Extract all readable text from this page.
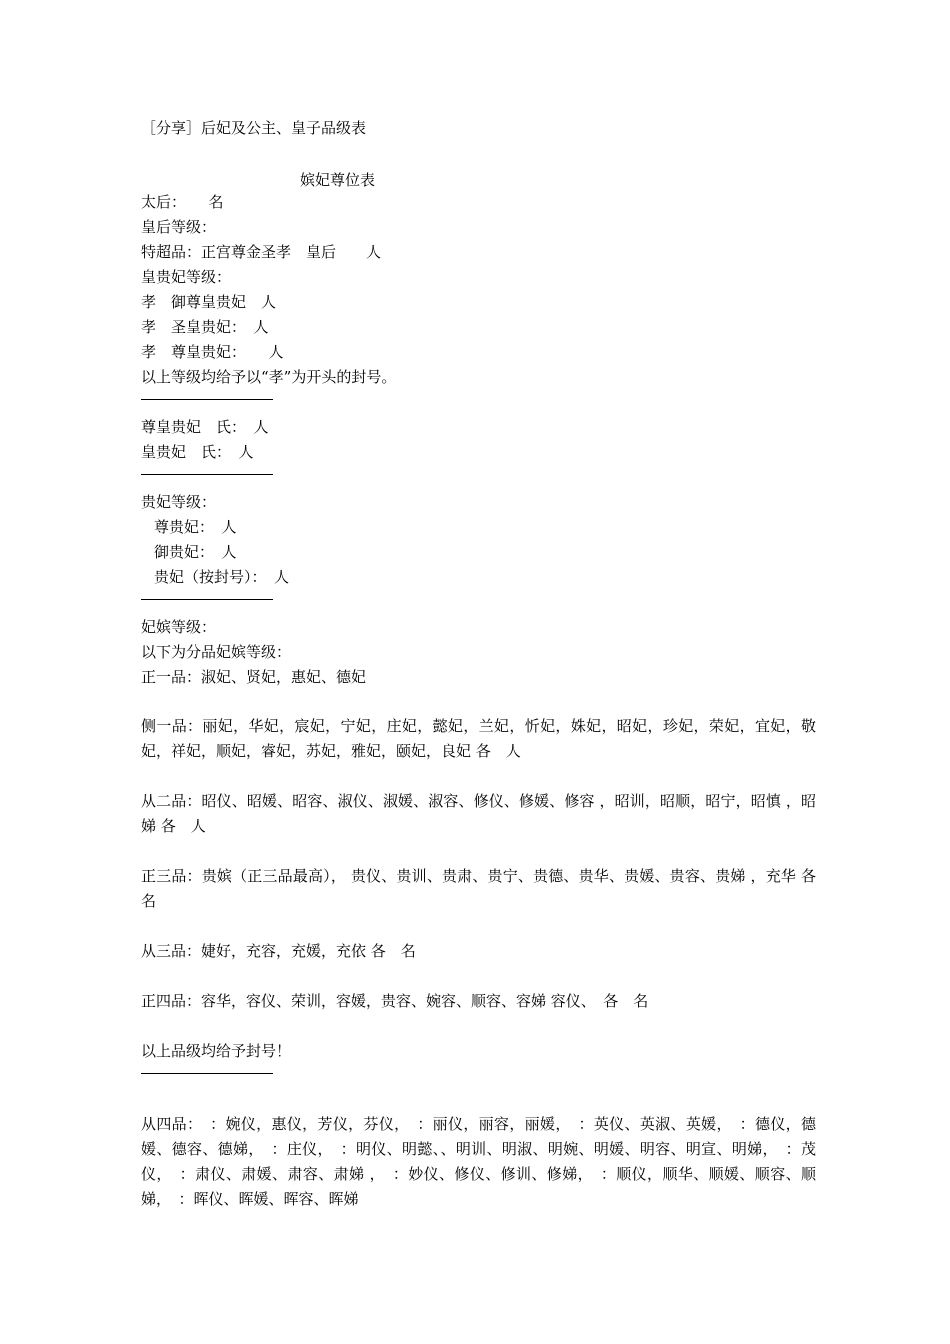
［分享］后妃及公主、皇子品级表
嫔妃尊位表
太后：　　名
皇后等级：
特超品：正宫尊金圣孝　皇后　　人
皇贵妃等级：
孝　御尊皇贵妃　人
孝　圣皇贵妃：　人
孝　尊皇贵妃：　　人
以上等级均给予以“孝”为开头的封号。
尊皇贵妃　氏：　人
皇贵妃　氏：　人
贵妃等级：
尊贵妃：　人
御贵妃：　人
贵妃（按封号）：　人
妃嫔等级：
以下为分品妃嫔等级：
正一品：淑妃、贤妃，惠妃、德妃
侧一品：丽妃，华妃，宸妃，宁妃，庄妃，懿妃，兰妃，忻妃，姝妃，昭妃，珍妃，荣妃，宜妃，敬妃，祥妃，顺妃，睿妃，苏妃，雅妃，颐妃，良妃 各　人
从二品：昭仪、昭媛、昭容、淑仪、淑媛、淑容、修仪、修媛、修容 ，昭训，昭顺，昭宁，昭慎 ，昭娣 各　人
正三品：贵嫔（正三品最高）， 贵仪、贵训、贵肃、贵宁、贵德、贵华、贵媛、贵容、贵娣 ，充华 各　名
从三品：婕好，充容，充媛，充依 各　名
正四品：容华，容仪、荣训，容媛，贵容、婉容、顺容、容娣 容仪、　各　名
以上品级均给予封号！
从四品：　：婉仪，惠仪，芳仪，芬仪，　：丽仪，丽容，丽媛，　：英仪、英淑、英媛，　：德仪，德媛、德容、德娣，　：庄仪，　：明仪、明懿、、明训、明淑、明婉、明媛、明容、明宣、明娣，　：茂仪，　：肃仪、肃媛、肃容、肃娣 ，　：妙仪、修仪、修训、修娣，　：顺仪，顺华、顺媛、顺容、顺娣，　：晖仪、晖媛、晖容、晖娣
